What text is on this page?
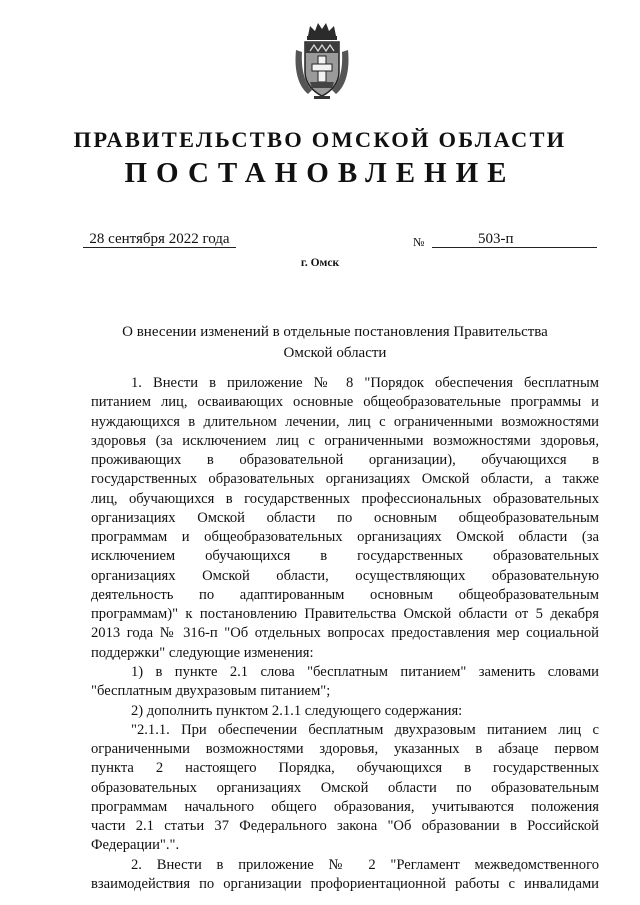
ПРАВИТЕЛЬСТВО ОМСКОЙ ОБЛАСТИ
ПОСТАНОВЛЕНИЕ
28 сентября 2022 года	№	503-п
г. Омск
О внесении изменений в отдельные постановления Правительства
Омской области
1. Внести в приложение № 8 "Порядок обеспечения бесплатным
питанием лиц, осваивающих основные общеобразовательные программы и
нуждающихся в длительном лечении, лиц с ограниченными возможностями
здоровья (за исключением лиц с ограниченными возможностями здоровья,
проживающих в образовательной организации), обучающихся в
государственных образовательных организациях Омской области, а также
лиц, обучающихся в государственных профессиональных образовательных
организациях Омской области по основным общеобразовательным
программам и общеобразовательных организациях Омской области (за
исключением обучающихся в государственных образовательных
организациях Омской области, осуществляющих образовательную
деятельность по адаптированным основным общеобразовательным
программам)" к постановлению Правительства Омской области от 5 декабря
2013 года № 316-п "Об отдельных вопросах предоставления мер социальной
поддержки" следующие изменения:
1) в пункте 2.1 слова "бесплатным питанием" заменить словами
"бесплатным двухразовым питанием";
2) дополнить пунктом 2.1.1 следующего содержания:
"2.1.1. При обеспечении бесплатным двухразовым питанием лиц с
ограниченными возможностями здоровья, указанных в абзаце первом
пункта 2 настоящего Порядка, обучающихся в государственных
образовательных организациях Омской области по образовательным
программам начального общего образования, учитываются положения
части 2.1 статьи 37 Федерального закона "Об образовании в Российской
Федерации".".
2. Внести в приложение № 2 "Регламент межведомственного
взаимодействия по организации профориентационной работы с инвалидами
